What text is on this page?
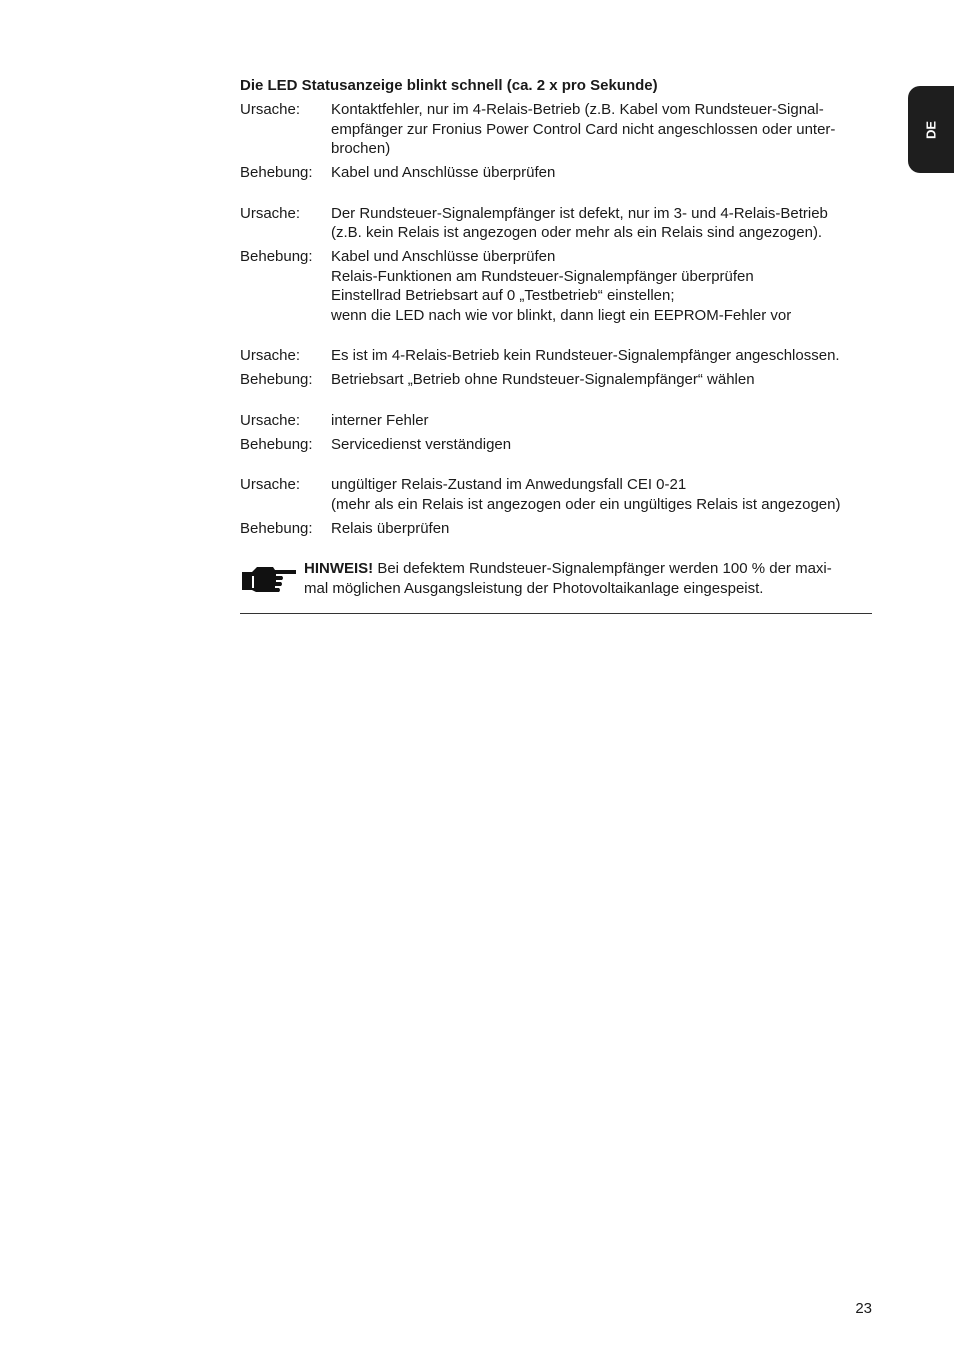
DE
Die LED Statusanzeige blinkt schnell (ca. 2 x pro Sekunde)
Ursache:	Kontaktfehler, nur im 4-Relais-Betrieb (z.B. Kabel vom Rundsteuer-Signal-
empfänger zur Fronius Power Control Card nicht angeschlossen oder unter-
brochen)
Behebung:	Kabel und Anschlüsse überprüfen
Ursache:	Der Rundsteuer-Signalempfänger ist defekt, nur im 3- und 4-Relais-Betrieb
(z.B. kein Relais ist angezogen oder mehr als ein Relais sind angezogen).
Behebung:	Kabel und Anschlüsse überprüfen
Relais-Funktionen am Rundsteuer-Signalempfänger überprüfen
Einstellrad Betriebsart auf 0 „Testbetrieb“ einstellen;
wenn die LED nach wie vor blinkt, dann liegt ein EEPROM-Fehler vor
Ursache:	Es ist im 4-Relais-Betrieb kein Rundsteuer-Signalempfänger angeschlossen.
Behebung:	Betriebsart „Betrieb ohne Rundsteuer-Signalempfänger“ wählen
Ursache:	interner Fehler
Behebung:	Servicedienst verständigen
Ursache:	ungültiger Relais-Zustand im Anwedungsfall CEI 0-21
(mehr als ein Relais ist angezogen oder ein ungültiges Relais ist angezogen)
Behebung:	Relais überprüfen
HINWEIS! Bei defektem Rundsteuer-Signalempfänger werden 100 % der maxi-
mal möglichen Ausgangsleistung der Photovoltaikanlage eingespeist.
23
